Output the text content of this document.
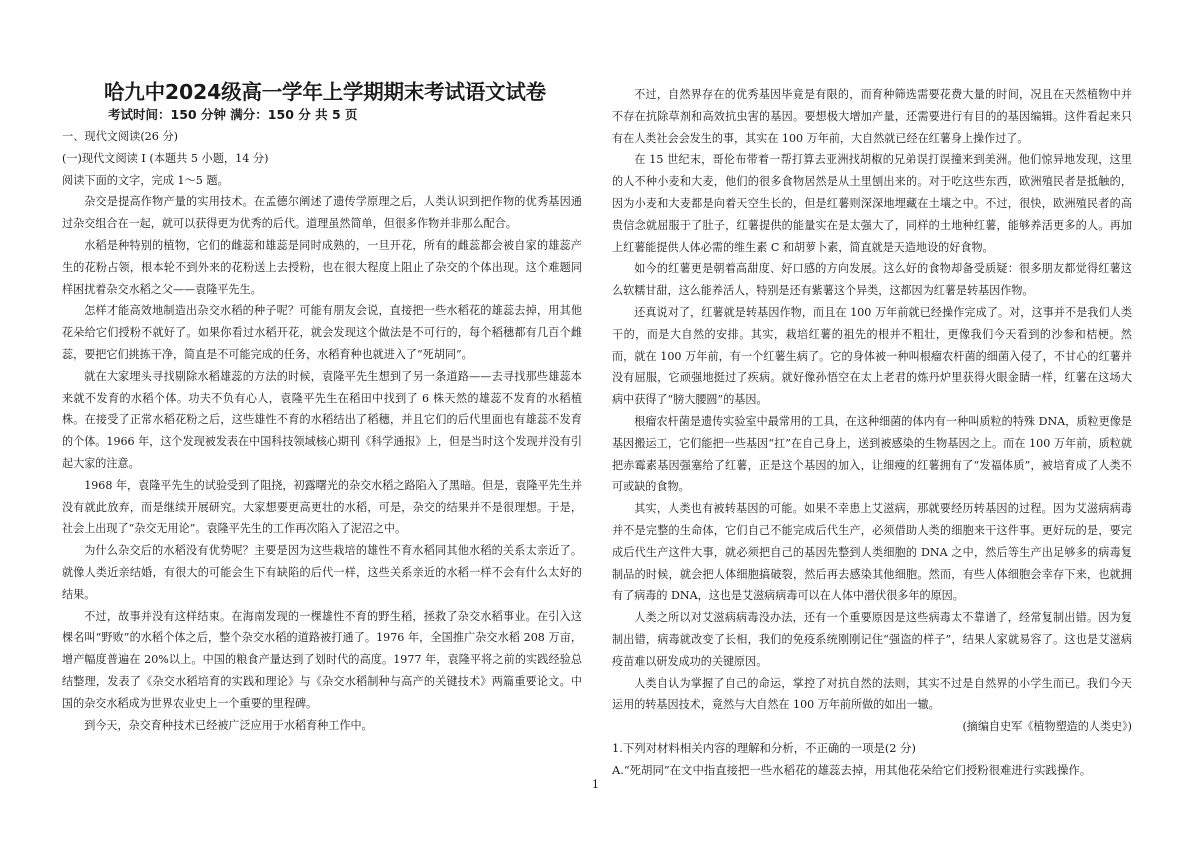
哈九中2024级高一学年上学期期末考试语文试卷
考试时间：150 分钟 满分：150 分 共 5 页
一、现代文阅读(26 分)
(一)现代文阅读 I (本题共 5 小题，14 分)
阅读下面的文字，完成 1～5 题。

杂交是提高作物产量的实用技术。在孟德尔阐述了遗传学原理之后，人类认识到把作物的优秀基因通过杂交组合在一起，就可以获得更为优秀的后代。道理虽然简单，但很多作物并非那么配合。

水稻是种特别的植物，它们的雌蕊和雄蕊是同时成熟的，一旦开花，所有的雌蕊都会被自家的雄蕊产生的花粉占领，根本轮不到外来的花粉送上去授粉，也在很大程度上阻止了杂交的个体出现。这个难题同样困扰着杂交水稻之父——袁隆平先生。

怎样才能高效地制造出杂交水稻的种子呢？可能有朋友会说，直接把一些水稻花的雄蕊去掉，用其他花朵给它们授粉不就好了。如果你看过水稻开花，就会发现这个做法是不可行的，每个稻穗都有几百个雌蕊，要把它们挑拣干净，简直是不可能完成的任务，水稻育种也就进入了“死胡同”。

就在大家埋头寻找剔除水稻雄蕊的方法的时候，袁隆平先生想到了另一条道路——去寻找那些雄蕊本来就不发育的水稻个体。功夫不负有心人，袁隆平先生在稻田中找到了 6 株天然的雄蕊不发育的水稻植株。在接受了正常水稻花粉之后，这些雄性不育的水稻结出了稻穗，并且它们的后代里面也有雄蕊不发育的个体。1966 年，这个发现被发表在中国科技领域核心期刊《科学通报》上，但是当时这个发现并没有引起大家的注意。

1968 年，袁隆平先生的试验受到了阻挠，初露曙光的杂交水稻之路陷入了黑暗。但是，袁隆平先生并没有就此放弃，而是继续开展研究。大家想要更高更壮的水稻，可是，杂交的结果并不是很理想。于是，社会上出现了“杂交无用论”。袁隆平先生的工作再次陷入了泥沼之中。

为什么杂交后的水稻没有优势呢？主要是因为这些栽培的雄性不育水稻同其他水稻的关系太亲近了。就像人类近亲结婚，有很大的可能会生下有缺陷的后代一样，这些关系亲近的水稻一样不会有什么太好的结果。

不过，故事并没有这样结束。在海南发现的一棵雄性不育的野生稻，拯救了杂交水稻事业。在引入这棵名叫“野败”的水稻个体之后，整个杂交水稻的道路被打通了。1976 年，全国推广杂交水稻 208 万亩，增产幅度普遍在 20%以上。中国的粮食产量达到了划时代的高度。1977 年，袁隆平将之前的实践经验总结整理，发表了《杂交水稻培育的实践和理论》与《杂交水稻制种与高产的关键技术》两篇重要论文。中国的杂交水稻成为世界农业史上一个重要的里程碑。

到今天，杂交育种技术已经被广泛应用于水稻育种工作中。

不过，自然界存在的优秀基因毕竟是有限的，而育种筛选需要花费大量的时间，况且在天然植物中并不存在抗除草剂和高效抗虫害的基因。要想极大增加产量，还需要进行有目的的基因编辑。这件看起来只有在人类社会会发生的事，其实在 100 万年前，大自然就已经在红薯身上操作过了。

在 15 世纪末，哥伦布带着一帮打算去亚洲找胡椒的兄弟误打误撞来到美洲。他们惊异地发现，这里的人不种小麦和大麦，他们的很多食物居然是从土里刨出来的。对于吃这些东西，欧洲殖民者是抵触的，因为小麦和大麦都是向着天空生长的，但是红薯则深深地埋藏在土壤之中。不过，很快，欧洲殖民者的高贵信念就屈服于了肚子，红薯提供的能量实在是太强大了，同样的土地种红薯，能够养活更多的人。再加上红薯能提供人体必需的维生素 C 和胡萝卜素，简直就是天造地设的好食物。

如今的红薯更是朝着高甜度、好口感的方向发展。这么好的食物却备受质疑：很多朋友都觉得红薯这么软糯甘甜，这么能养活人，特别是还有紫薯这个异类，这都因为红薯是转基因作物。

还真说对了，红薯就是转基因作物，而且在 100 万年前就已经操作完成了。对，这事并不是我们人类干的，而是大自然的安排。其实，栽培红薯的祖先的根并不粗壮，更像我们今天看到的沙参和桔梗。然而，就在 100 万年前，有一个红薯生病了。它的身体被一种叫根瘤农杆菌的细菌入侵了，不甘心的红薯并没有屈服，它顽强地挺过了疾病。就好像孙悟空在太上老君的炼丹炉里获得火眼金睛一样，红薯在这场大病中获得了“膀大腰圆”的基因。

根瘤农杆菌是遗传实验室中最常用的工具，在这种细菌的体内有一种叫质粒的特殊 DNA，质粒更像是基因搬运工，它们能把一些基因“扛”在自己身上，送到被感染的生物基因之上。而在 100 万年前，质粒就把赤霉素基因强塞给了红薯，正是这个基因的加入，让细瘦的红薯拥有了“发福体质”，被培育成了人类不可或缺的食物。

其实，人类也有被转基因的可能。如果不幸患上艾滋病，那就要经历转基因的过程。因为艾滋病病毒并不是完整的生命体，它们自己不能完成后代生产，必须借助人类的细胞来干这件事。更好玩的是，要完成后代生产这件大事，就必须把自己的基因先整到人类细胞的 DNA 之中，然后等生产出足够多的病毒复制品的时候，就会把人体细胞搞破裂，然后再去感染其他细胞。然而，有些人体细胞会幸存下来，也就拥有了病毒的 DNA，这也是艾滋病病毒可以在人体中潜伏很多年的原因。

人类之所以对艾滋病病毒没办法，还有一个重要原因是这些病毒太不靠谱了，经常复制出错。因为复制出错，病毒就改变了长相，我们的免疫系统刚刚记住“强盗的样子”，结果人家就易容了。这也是艾滋病疫苗难以研发成功的关键原因。

人类自认为掌握了自己的命运，掌控了对抗自然的法则，其实不过是自然界的小学生而已。我们今天运用的转基因技术，竟然与大自然在 100 万年前所做的如出一辙。

(摘编自史军《植物塑造的人类史》)

1.下列对材料相关内容的理解和分析，不正确的一项是(2 分)

A.“死胡同”在文中指直接把一些水稻花的雄蕊去掉，用其他花朵给它们授粉很难进行实践操作。

1
